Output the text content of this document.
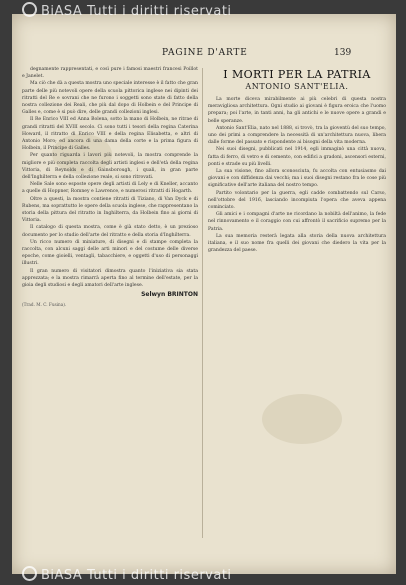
BiASA Tutti i diritti riservati
PAGINE D'ARTE	139

degnamente rappresentati, e così pure i famosi maestri francesi Poillot e Janelet.

Ma ciò che dà a questa mostra uno speciale interesse è il fatto che gran parte delle più notevoli opere della scuola pittorica inglese nei dipinti dei ritratti del Re e sovrani che ne furono i soggetti sono state di fatto della nostra collezione dei Reali, che più dal dopo di Holbein e del Principe di Galles e, come è si può dire, delle grandi collezioni inglesi.

Il Re Enrico VIII ed Anna Bolena, sotto la mano di Holbein, ne ritrae di grandi ritratti del XVIII secolo. Ci sono tutti i tesori della regina Caterina Howard, il ritratto di Enrico VIII e della regina Elisabetta, e altri di Antonio Moro; ed ancora di una dama della corte e la prima figura di Holbein, il Principe di Galles.

Per quanto riguarda i lavori più notevoli, la mostra comprende la migliore e più completa raccolta degli artisti inglesi e dell'età della regina Vittoria, di Reynolds e di Gainsborough, i quali, in gran parte dell'Inghilterra e della collezione reale, si sono ritrovati.

Nelle Sale sono esposte opere degli artisti di Lely e di Kneller, accanto a quelle di Hoppner, Romney e Lawrence, e numerosi ritratti di Hogarth.

Oltre a questi, la mostra contiene ritratti di Tiziano, di Van Dyck e di Rubens, ma soprattutto le opere della scuola inglese, che rappresentano la storia della pittura del ritratto in Inghilterra, da Holbein fino ai giorni di Vittoria.

Il catalogo di questa mostra, come è già stato detto, è un prezioso documento per lo studio dell'arte del ritratto e della storia d'Inghilterra.

Un ricco numero di miniature, di disegni e di stampe completa la raccolta, con alcuni saggi delle arti minori e del costume delle diverse epoche, come gioielli, ventagli, tabacchiere, e oggetti d'uso di personaggi illustri.

Il gran numero di visitatori dimostra quanto l'iniziativa sia stata apprezzata; e la mostra rimarrà aperta fino al termine dell'estate, per la gioia degli studiosi e degli amatori dell'arte inglese.

Selwyn BRINTON
(Trad. M. C. Fusina).
I MORTI PER LA PATRIA
ANTONIO SANT'ELIA.

La morte diceva mirabilmente ai più celebri di questa nostra meravigliosa architettura. Ogni studio ai giovani è figura eroica che l'uomo prepara; poi l'arte, in tanti anni, ha gli antichi e le nuove opere a grandi e belle speranze.

Antonio Sant'Elia, nato nel 1888, si trovò, tra la gioventù del suo tempo, uno dei primi a comprendere la necessità di un'architettura nuova, libera dalle forme del passato e rispondente ai bisogni della vita moderna.

Nei suoi disegni, pubblicati nel 1914, egli immaginò una città nuova, fatta di ferro, di vetro e di cemento, con edifici a gradoni, ascensori esterni, ponti e strade su più livelli.

La sua visione, fino allora sconosciuta, fu accolta con entusiasmo dai giovani e con diffidenza dai vecchi; ma i suoi disegni restano fra le cose più significative dell'arte italiana del nostro tempo.

Partito volontario per la guerra, egli cadde combattendo sul Carso, nell'ottobre del 1916, lasciando incompiuta l'opera che aveva appena cominciato.

Gli amici e i compagni d'arte ne ricordano la nobiltà dell'animo, la fede nel rinnovamento e il coraggio con cui affrontò il sacrificio supremo per la Patria.

La sua memoria resterà legata alla storia della nuova architettura italiana, e il suo nome fra quelli dei giovani che diedero la vita per la grandezza del paese.

BiASA Tutti i diritti riservati
